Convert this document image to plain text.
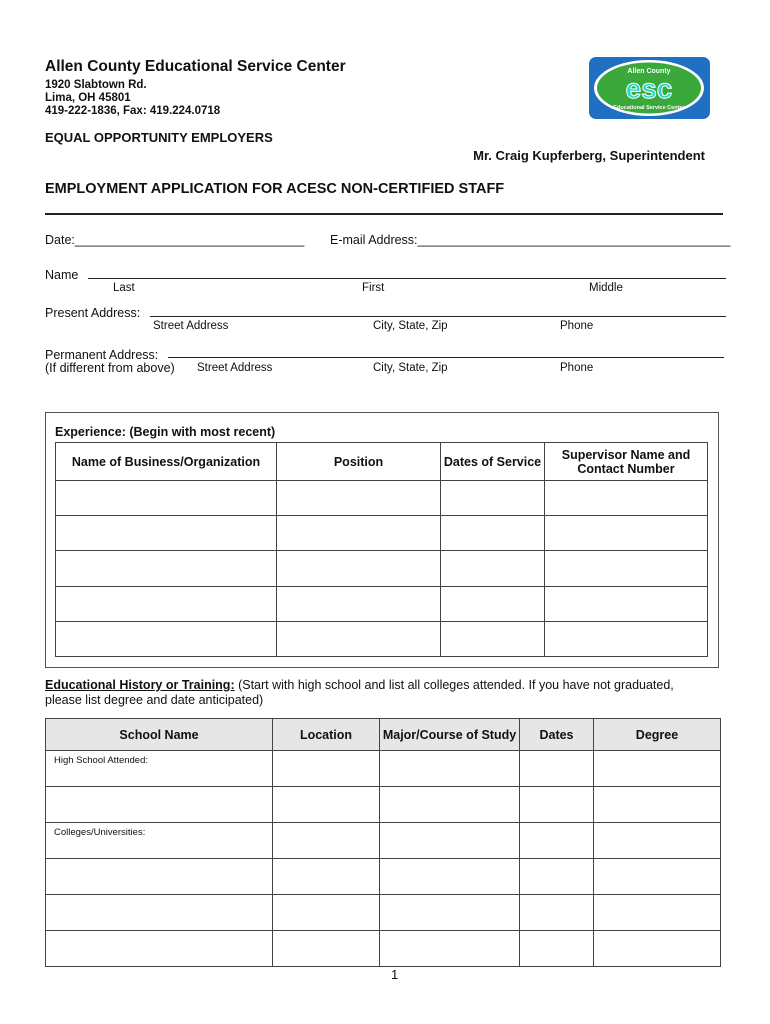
Allen County Educational Service Center
1920 Slabtown Rd.
Lima, OH 45801
419-222-1836, Fax: 419.224.0718
Allen County
esc
Educational Service Center
EQUAL OPPORTUNITY EMPLOYERS
Mr. Craig Kupferberg, Superintendent
EMPLOYMENT APPLICATION FOR ACESC NON-CERTIFIED STAFF
Date:_________________________________ E-mail Address:_____________________________________________
Name
Last	First	Middle
Present Address:
Street Address	City, State, Zip	Phone
Permanent Address:
(If different from above) Street Address	City, State, Zip	Phone
Experience: (Begin with most recent)
Name of Business/Organization	Position	Dates of Service	Supervisor Name and Contact Number

Educational History or Training: (Start with high school and list all colleges attended. If you have not graduated,
please list degree and date anticipated)
School Name	Location	Major/Course of Study	Dates	Degree

High School Attended:				

Colleges/Universities:				

1
